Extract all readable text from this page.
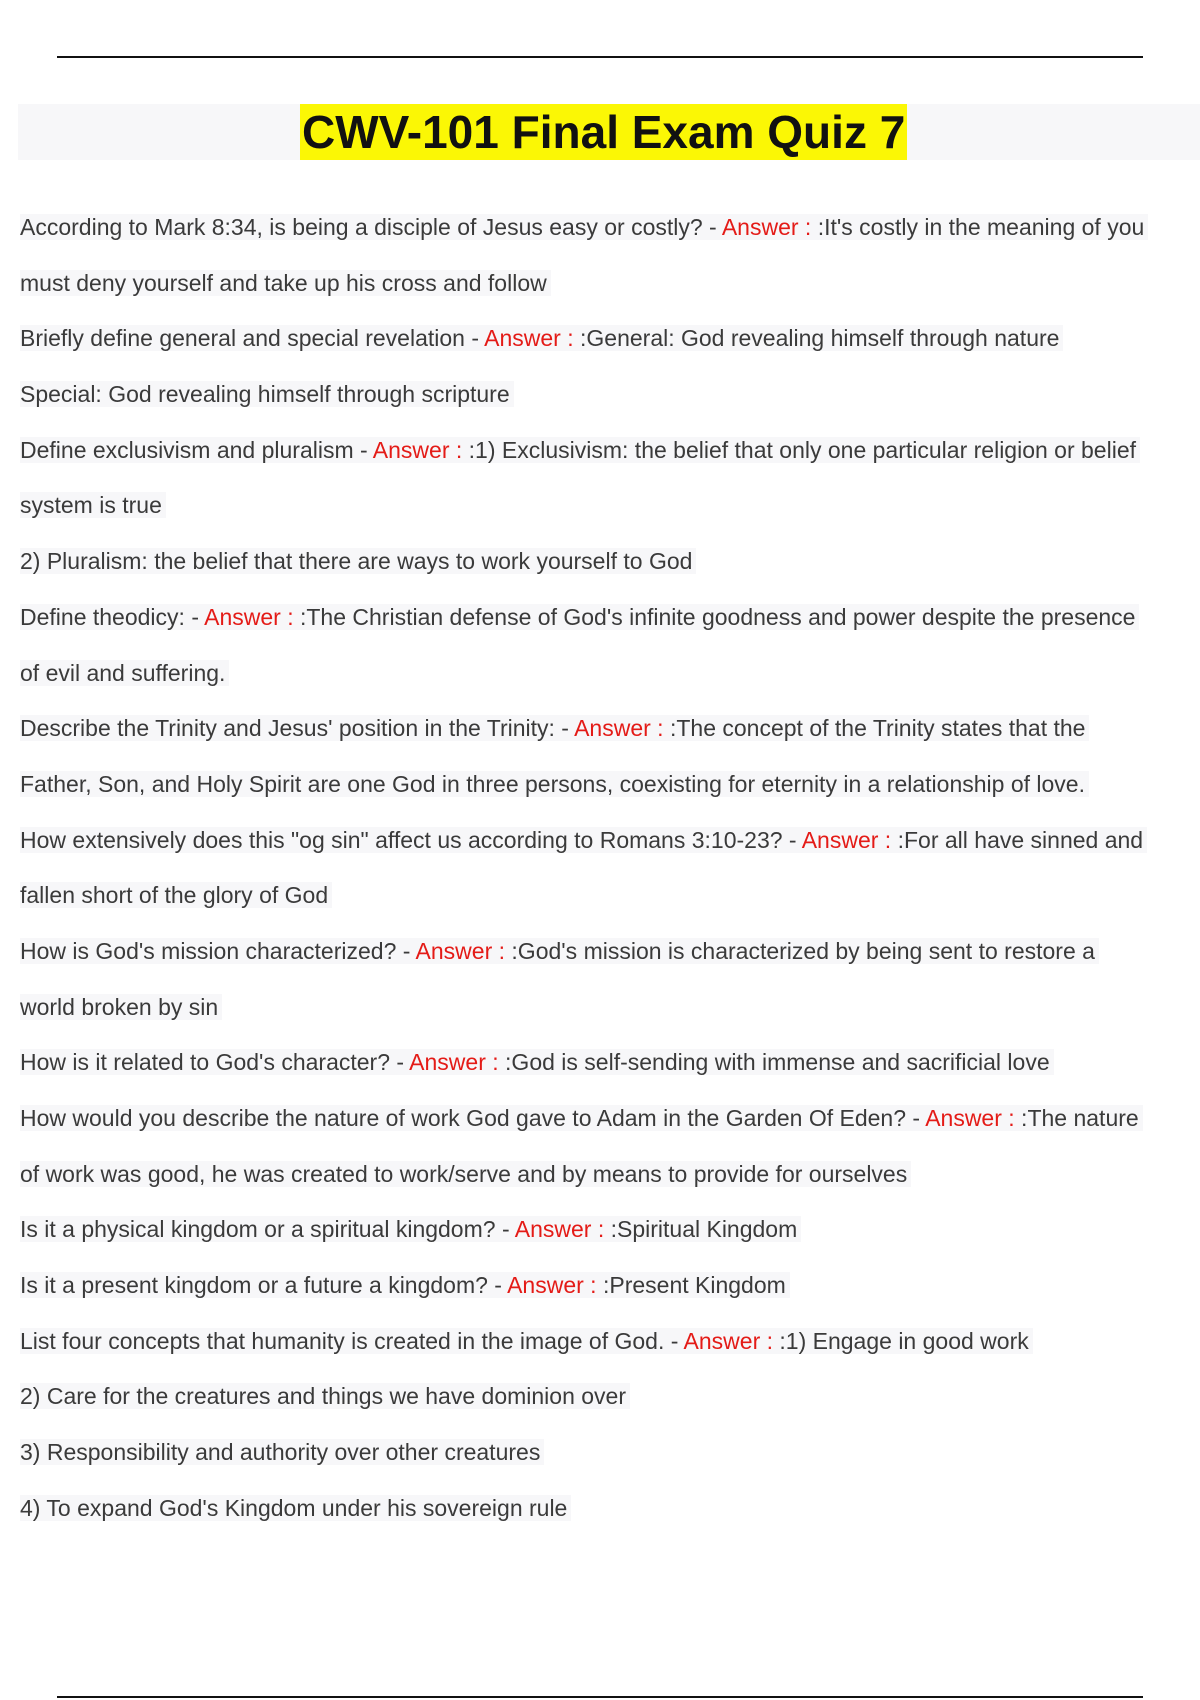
CWV-101 Final Exam Quiz 7
According to Mark 8:34, is being a disciple of Jesus easy or costly? - Answer : :It's costly in the meaning of you
must deny yourself and take up his cross and follow
Briefly define general and special revelation - Answer : :General: God revealing himself through nature
Special: God revealing himself through scripture
Define exclusivism and pluralism - Answer : :1) Exclusivism: the belief that only one particular religion or belief
system is true
2) Pluralism: the belief that there are ways to work yourself to God
Define theodicy: - Answer : :The Christian defense of God's infinite goodness and power despite the presence
of evil and suffering.
Describe the Trinity and Jesus' position in the Trinity: - Answer : :The concept of the Trinity states that the
Father, Son, and Holy Spirit are one God in three persons, coexisting for eternity in a relationship of love.
How extensively does this "og sin" affect us according to Romans 3:10-23? - Answer : :For all have sinned and
fallen short of the glory of God
How is God's mission characterized? - Answer : :God's mission is characterized by being sent to restore a
world broken by sin
How is it related to God's character? - Answer : :God is self-sending with immense and sacrificial love
How would you describe the nature of work God gave to Adam in the Garden Of Eden? - Answer : :The nature
of work was good, he was created to work/serve and by means to provide for ourselves
Is it a physical kingdom or a spiritual kingdom? - Answer : :Spiritual Kingdom
Is it a present kingdom or a future a kingdom? - Answer : :Present Kingdom
List four concepts that humanity is created in the image of God. - Answer : :1) Engage in good work
2) Care for the creatures and things we have dominion over
3) Responsibility and authority over other creatures
4) To expand God's Kingdom under his sovereign rule
